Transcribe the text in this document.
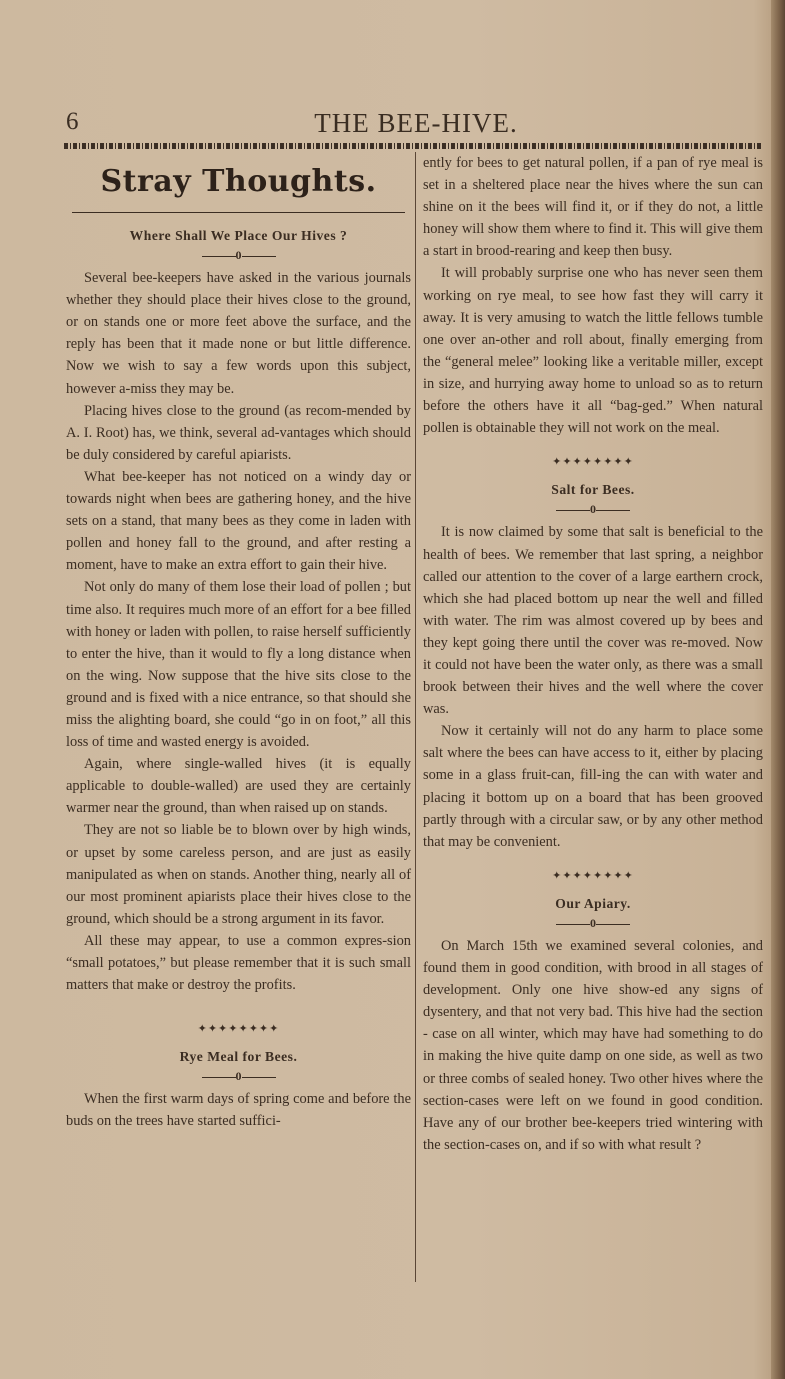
6	THE BEE-HIVE.
Stray Thoughts.
Where Shall We Place Our Hives ?
0

Several bee-keepers have asked in the various journals whether they should place their hives close to the ground, or on stands one or more feet above the surface, and the reply has been that it made none or but little difference. Now we wish to say a few words upon this subject, however a-miss they may be.

Placing hives close to the ground (as recom-mended by A. I. Root) has, we think, several ad-vantages which should be duly considered by careful apiarists.

What bee-keeper has not noticed on a windy day or towards night when bees are gathering honey, and the hive sets on a stand, that many bees as they come in laden with pollen and honey fall to the ground, and after resting a moment, have to make an extra effort to gain their hive.

Not only do many of them lose their load of pollen ; but time also. It requires much more of an effort for a bee filled with honey or laden with pollen, to raise herself sufficiently to enter the hive, than it would to fly a long distance when on the wing. Now suppose that the hive sits close to the ground and is fixed with a nice entrance, so that should she miss the alighting board, she could “go in on foot,” all this loss of time and wasted energy is avoided.

Again, where single-walled hives (it is equally applicable to double-walled) are used they are certainly warmer near the ground, than when raised up on stands.

They are not so liable be to blown over by high winds, or upset by some careless person, and are just as easily manipulated as when on stands. Another thing, nearly all of our most prominent apiarists place their hives close to the ground, which should be a strong argument in its favor.

All these may appear, to use a common expres-sion “small potatoes,” but please remember that it is such small matters that make or destroy the profits.

✦✦✦✦✦✦✦✦
Rye Meal for Bees.
0

When the first warm days of spring come and before the buds on the trees have started suffici-

ently for bees to get natural pollen, if a pan of rye meal is set in a sheltered place near the hives where the sun can shine on it the bees will find it, or if they do not, a little honey will show them where to find it. This will give them a start in brood-rearing and keep then busy.

It will probably surprise one who has never seen them working on rye meal, to see how fast they will carry it away. It is very amusing to watch the little fellows tumble one over an-other and roll about, finally emerging from the “general melee” looking like a veritable miller, except in size, and hurrying away home to unload so as to return before the others have it all “bag-ged.” When natural pollen is obtainable they will not work on the meal.

✦✦✦✦✦✦✦✦
Salt for Bees.
0

It is now claimed by some that salt is beneficial to the health of bees. We remember that last spring, a neighbor called our attention to the cover of a large earthern crock, which she had placed bottom up near the well and filled with water. The rim was almost covered up by bees and they kept going there until the cover was re-moved. Now it could not have been the water only, as there was a small brook between their hives and the well where the cover was.

Now it certainly will not do any harm to place some salt where the bees can have access to it, either by placing some in a glass fruit-can, fill-ing the can with water and placing it bottom up on a board that has been grooved partly through with a circular saw, or by any other method that may be convenient.

✦✦✦✦✦✦✦✦
Our Apiary.
0

On March 15th we examined several colonies, and found them in good condition, with brood in all stages of development. Only one hive show-ed any signs of dysentery, and that not very bad. This hive had the section - case on all winter, which may have had something to do in making the hive quite damp on one side, as well as two or three combs of sealed honey. Two other hives where the section-cases were left on we found in good condition. Have any of our brother bee-keepers tried wintering with the section-cases on, and if so with what result ?
